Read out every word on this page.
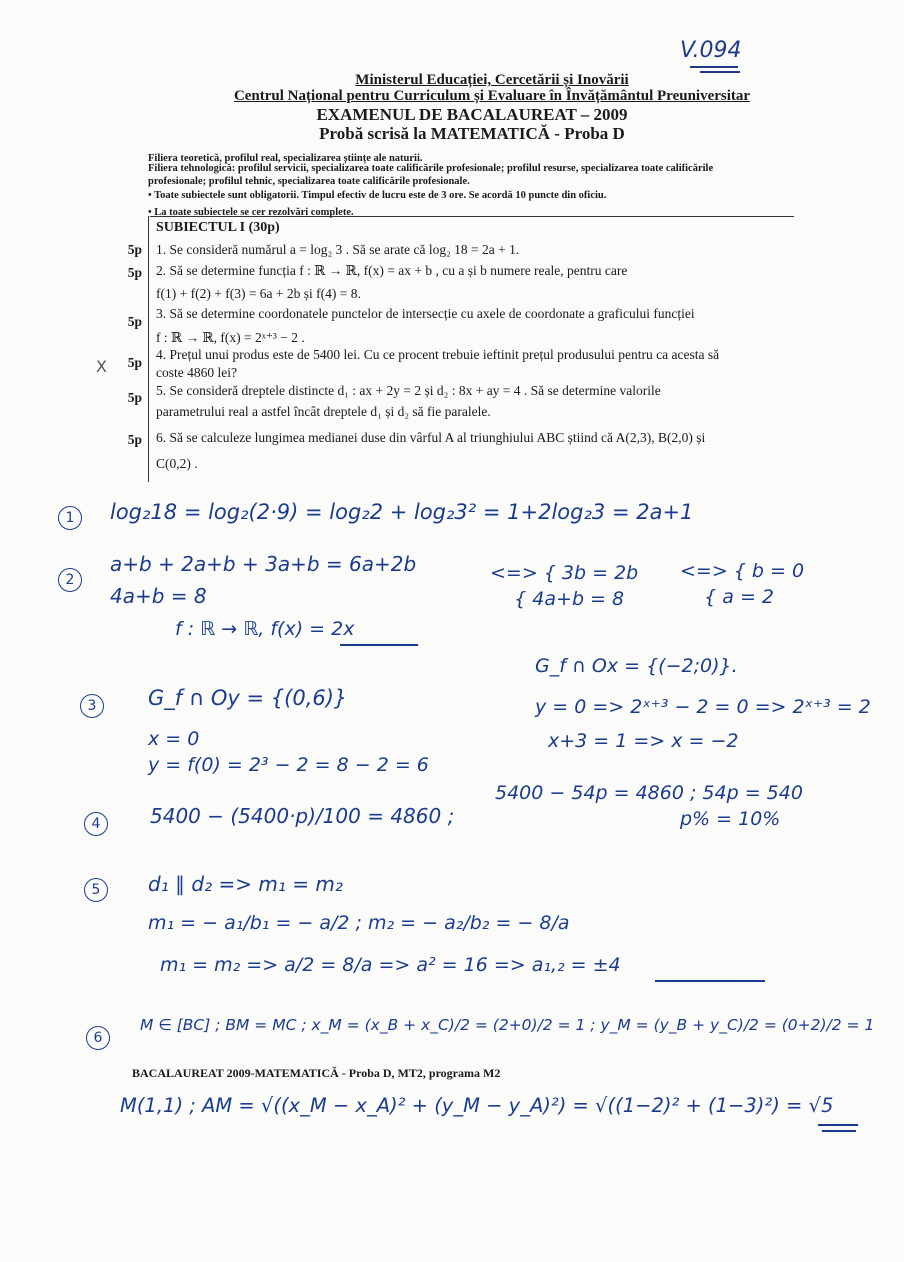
V.094
Ministerul Educației, Cercetării și Inovării
Centrul Național pentru Curriculum și Evaluare în Învățământul Preuniversitar
EXAMENUL DE BACALAUREAT – 2009
Probă scrisă la MATEMATICĂ - Proba D
Filiera teoretică, profilul real, specializarea științe ale naturii.
Filiera tehnologică: profilul servicii, specializarea toate calificările profesionale; profilul resurse, specializarea toate calificările profesionale; profilul tehnic, specializarea toate calificările profesionale.
• Toate subiectele sunt obligatorii. Timpul efectiv de lucru este de 3 ore. Se acordă 10 puncte din oficiu.
• La toate subiectele se cer rezolvări complete.
SUBIECTUL I (30p)
5p 1. Se consideră numărul a = log₂ 3 . Să se arate că log₂ 18 = 2a + 1.
5p 2. Să se determine funcția f : ℝ → ℝ, f(x) = ax + b , cu a și b numere reale, pentru care
f(1) + f(2) + f(3) = 6a + 2b și f(4) = 8.
5p
3. Să se determine coordonatele punctelor de intersecție cu axele de coordonate a graficului funcției
f : ℝ → ℝ, f(x) = 2ˣ⁺³ − 2 .
X	5p
4. Prețul unui produs este de 5400 lei. Cu ce procent trebuie ieftinit prețul produsului pentru ca acesta să
coste 4860 lei?
5p 5. Se consideră dreptele distincte d₁ : ax + 2y = 2 și d₂ : 8x + ay = 4 . Să se determine valorile
parametrului real a astfel încât dreptele d₁ și d₂ să fie paralele.
5p 6. Să se calculeze lungimea medianei duse din vârful A al triunghiului ABC știind că A(2,3), B(2,0) și
C(0,2) .
1	log₂18 = log₂(2·9) = log₂2 + log₂3² = 1+2log₂3 = 2a+1
2
a+b + 2a+b + 3a+b = 6a+2b
4a+b = 8
<=> { 3b = 2b
{ 4a+b = 8
<=> { b = 0
{ a = 2
f : ℝ → ℝ, f(x) = 2x
3	G_f ∩ Oy = {(0,6)}
x = 0
y = f(0) = 2³ − 2 = 8 − 2 = 6
G_f ∩ Ox = {(−2;0)}.
y = 0 => 2ˣ⁺³ − 2 = 0 => 2ˣ⁺³ = 2
x+3 = 1 => x = −2
4	5400 − (5400·p)/100 = 4860 ;
5400 − 54p = 4860 ; 54p = 540
p% = 10%
5	d₁ ∥ d₂ => m₁ = m₂
m₁ = − a₁/b₁ = − a/2 ; m₂ = − a₂/b₂ = − 8/a
m₁ = m₂ => a/2 = 8/a => a² = 16 => a₁,₂ = ±4
6
M ∈ [BC] ; BM = MC ; x_M = (x_B + x_C)/2 = (2+0)/2 = 1 ; y_M = (y_B + y_C)/2 = (0+2)/2 = 1
BACALAUREAT 2009-MATEMATICĂ - Proba D, MT2, programa M2
M(1,1) ; AM = √((x_M − x_A)² + (y_M − y_A)²) = √((1−2)² + (1−3)²) = √5
